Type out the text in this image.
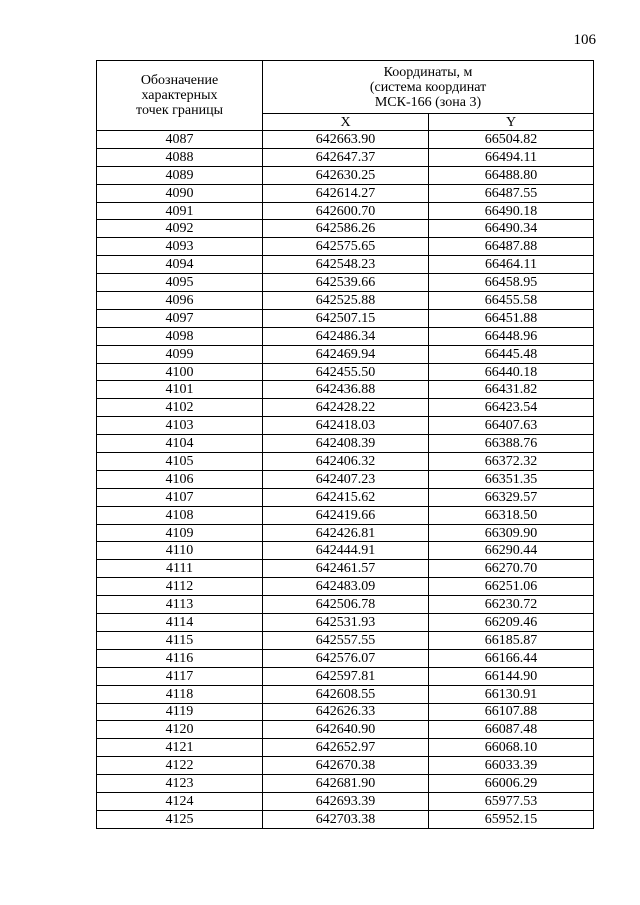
106
Обозначение
характерных
точек границы	Координаты, м
(система координат
МСК-166 (зона 3)	

	X	Y
4087	642663.90	66504.82
4088	642647.37	66494.11
4089	642630.25	66488.80
4090	642614.27	66487.55
4091	642600.70	66490.18
4092	642586.26	66490.34
4093	642575.65	66487.88
4094	642548.23	66464.11
4095	642539.66	66458.95
4096	642525.88	66455.58
4097	642507.15	66451.88
4098	642486.34	66448.96
4099	642469.94	66445.48
4100	642455.50	66440.18
4101	642436.88	66431.82
4102	642428.22	66423.54
4103	642418.03	66407.63
4104	642408.39	66388.76
4105	642406.32	66372.32
4106	642407.23	66351.35
4107	642415.62	66329.57
4108	642419.66	66318.50
4109	642426.81	66309.90
4110	642444.91	66290.44
4111	642461.57	66270.70
4112	642483.09	66251.06
4113	642506.78	66230.72
4114	642531.93	66209.46
4115	642557.55	66185.87
4116	642576.07	66166.44
4117	642597.81	66144.90
4118	642608.55	66130.91
4119	642626.33	66107.88
4120	642640.90	66087.48
4121	642652.97	66068.10
4122	642670.38	66033.39
4123	642681.90	66006.29
4124	642693.39	65977.53
4125	642703.38	65952.15
